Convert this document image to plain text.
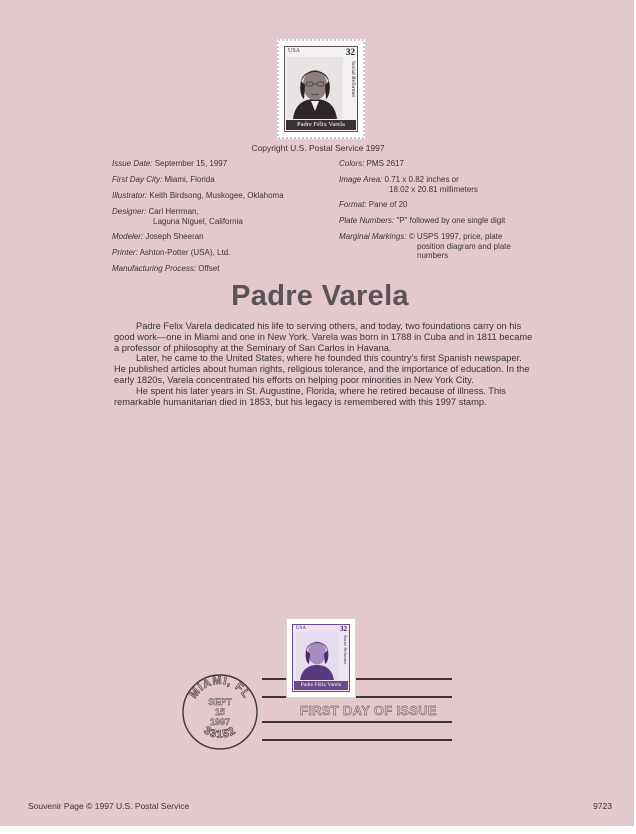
USA	32
Social Reformer
Padre Félix Varela
Copyright U.S. Postal Service 1997
Issue Date: September 15, 1997
First Day City: Miami, Florida
Illustrator: Keith Birdsong, Muskogee, Oklahoma
Designer: Carl Herrman,
Laguna Niguel, California
Modeler: Joseph Sheeran
Printer: Ashton-Potter (USA), Ltd.
Manufacturing Process: Offset
Colors: PMS 2617
Image Area: 0.71 x 0.82 inches or
18.02 x 20.81 millimeters
Format: Pane of 20
Plate Numbers: "P" followed by one single digit
Marginal Markings: © USPS 1997, price, plate
position diagram and plate
numbers
Padre Varela

Padre Felix Varela dedicated his life to serving others, and today, two foundations carry on his good work—one in Miami and one in New York. Varela was born in 1788 in Cuba and in 1811 became a professor of philosophy at the Seminary of San Carlos in Havana.

Later, he came to the United States, where he founded this country's first Spanish newspaper. He published articles about human rights, religious tolerance, and the importance of education. In the early 1820s, Varela concentrated his efforts on helping poor minorities in New York City.

He spent his later years in St. Augustine, Florida, where he retired because of illness. This remarkable humanitarian died in 1853, but his legacy is remembered with this 1997 stamp.

USA	32
Social Reformer
Padre Félix Varela
FIRST DAY OF ISSUE
MIAMI, FL
33152
SEPT
15
1997
Souvenir Page © 1997 U.S. Postal Service	9723
